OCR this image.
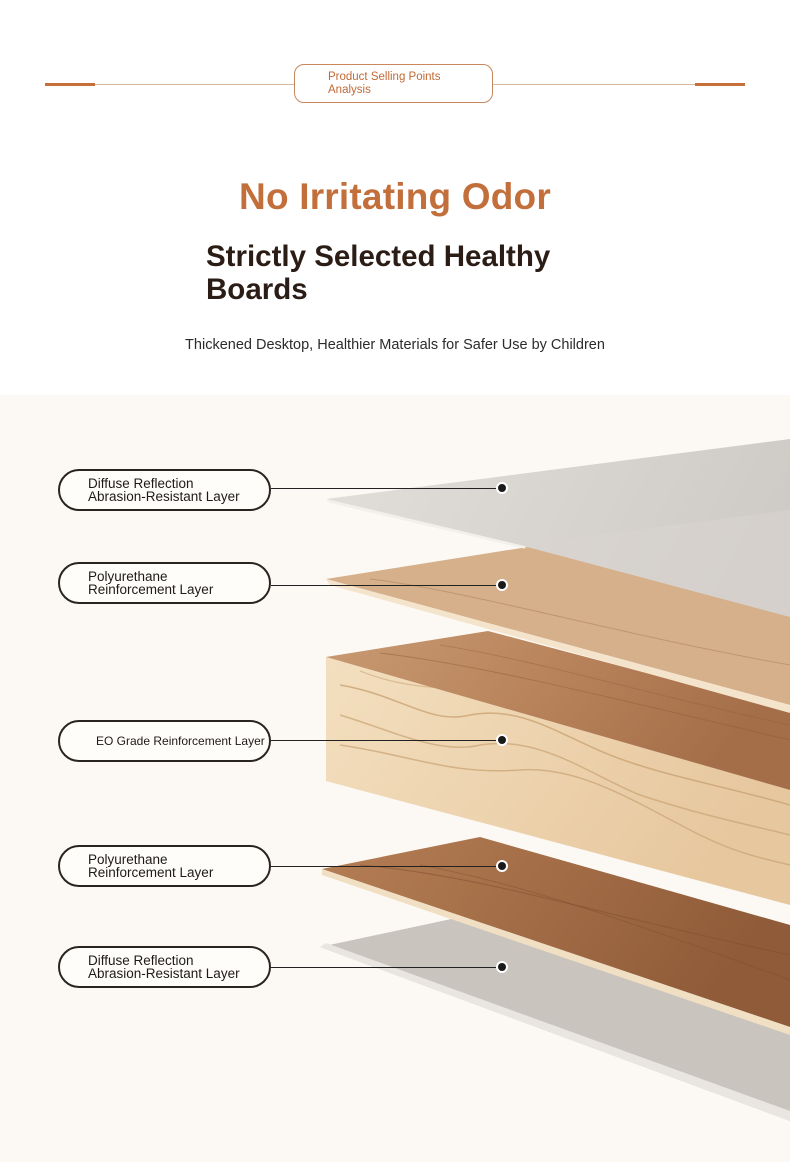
Product Selling Points Analysis
No Irritating Odor
Strictly Selected Healthy Boards
Thickened Desktop, Healthier Materials for Safer Use by Children
Diffuse Reflection Abrasion-Resistant Layer
Polyurethane Reinforcement Layer
EO Grade Reinforcement Layer
Polyurethane Reinforcement Layer
Diffuse Reflection Abrasion-Resistant Layer
